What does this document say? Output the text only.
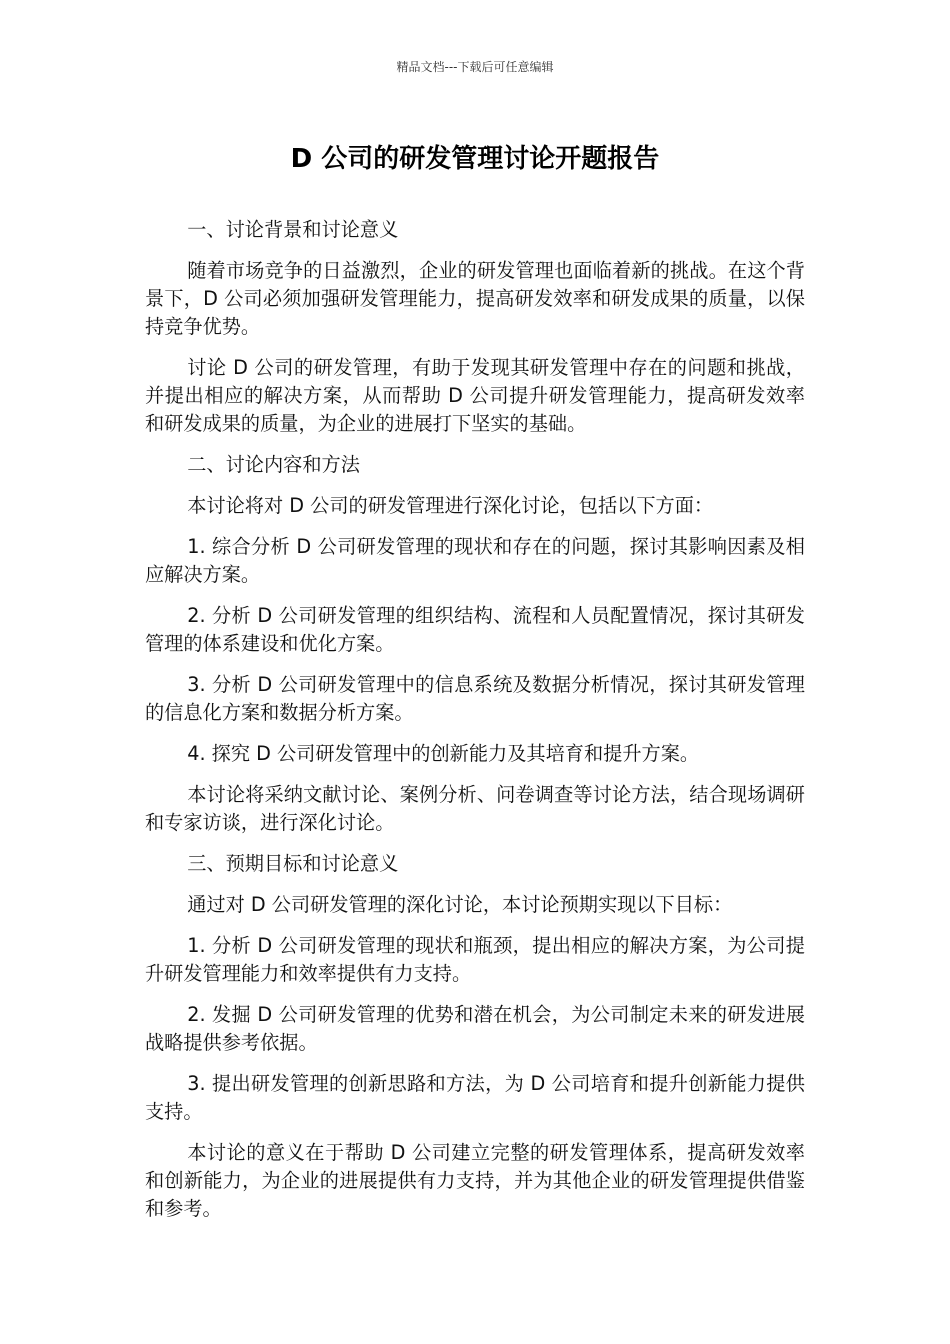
精品文档---下载后可任意编辑
D 公司的研发管理讨论开题报告

一、讨论背景和讨论意义

随着市场竞争的日益激烈，企业的研发管理也面临着新的挑战。在这个背景下，D 公司必须加强研发管理能力，提高研发效率和研发成果的质量，以保持竞争优势。

讨论 D 公司的研发管理，有助于发现其研发管理中存在的问题和挑战，并提出相应的解决方案，从而帮助 D 公司提升研发管理能力，提高研发效率和研发成果的质量，为企业的进展打下坚实的基础。

二、讨论内容和方法

本讨论将对 D 公司的研发管理进行深化讨论，包括以下方面：

1. 综合分析 D 公司研发管理的现状和存在的问题，探讨其影响因素及相应解决方案。

2. 分析 D 公司研发管理的组织结构、流程和人员配置情况，探讨其研发管理的体系建设和优化方案。

3. 分析 D 公司研发管理中的信息系统及数据分析情况，探讨其研发管理的信息化方案和数据分析方案。

4. 探究 D 公司研发管理中的创新能力及其培育和提升方案。

本讨论将采纳文献讨论、案例分析、问卷调查等讨论方法，结合现场调研和专家访谈，进行深化讨论。

三、预期目标和讨论意义

通过对 D 公司研发管理的深化讨论，本讨论预期实现以下目标：

1. 分析 D 公司研发管理的现状和瓶颈，提出相应的解决方案，为公司提升研发管理能力和效率提供有力支持。

2. 发掘 D 公司研发管理的优势和潜在机会，为公司制定未来的研发进展战略提供参考依据。

3. 提出研发管理的创新思路和方法，为 D 公司培育和提升创新能力提供支持。

本讨论的意义在于帮助 D 公司建立完整的研发管理体系，提高研发效率和创新能力，为企业的进展提供有力支持，并为其他企业的研发管理提供借鉴和参考。
